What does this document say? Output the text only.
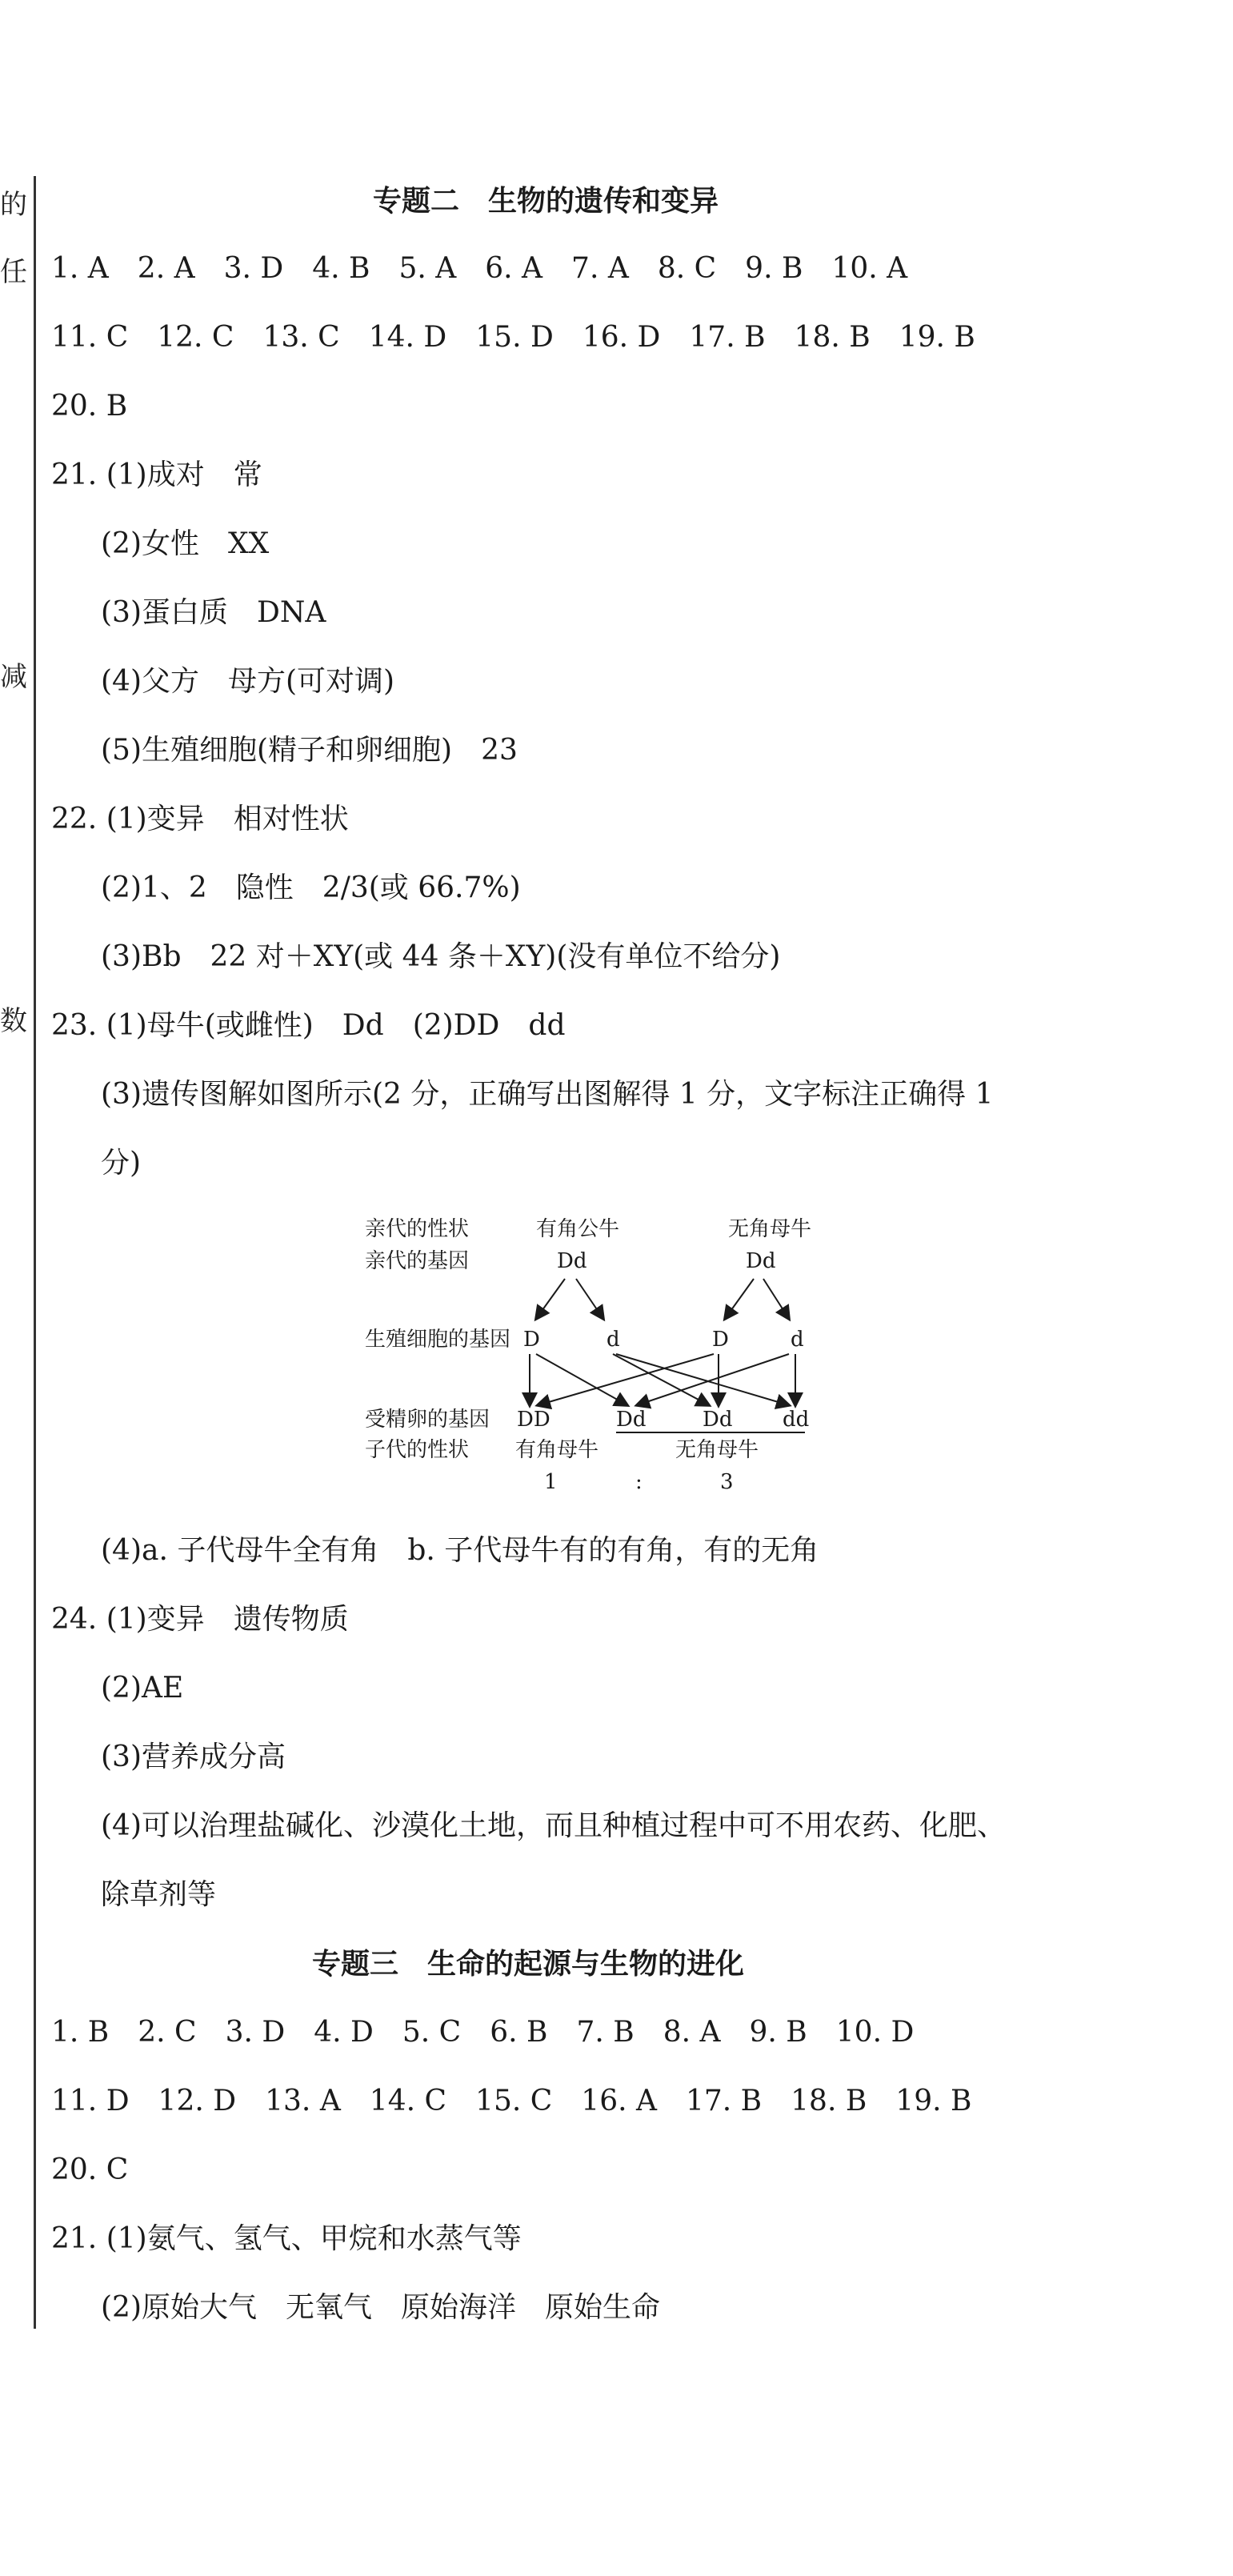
的
任
减
数
专题二　生物的遗传和变异
1. A　2. A　3. D　4. B　5. A　6. A　7. A　8. C　9. B　10. A
11. C　12. C　13. C　14. D　15. D　16. D　17. B　18. B　19. B
20. B
21. (1)成对　常
(2)女性　XX
(3)蛋白质　DNA
(4)父方　母方(可对调)
(5)生殖细胞(精子和卵细胞)　23
22. (1)变异　相对性状
(2)1、2　隐性　2/3(或 66.7%)
(3)Bb　22 对＋XY(或 44 条＋XY)(没有单位不给分)
23. (1)母牛(或雌性)　Dd　(2)DD　dd
(3)遗传图解如图所示(2 分，正确写出图解得 1 分，文字标注正确得 1
分)
亲代的性状
亲代的基因
生殖细胞的基因
受精卵的基因
子代的性状
有角公牛
Dd
无角母牛
Dd
D	d	D	d
DD	Dd	Dd dd
有角母牛	无角母牛
1	:	3
(4)a. 子代母牛全有角　b. 子代母牛有的有角，有的无角
24. (1)变异　遗传物质
(2)AE
(3)营养成分高
(4)可以治理盐碱化、沙漠化土地，而且种植过程中可不用农药、化肥、
除草剂等
专题三　生命的起源与生物的进化
1. B　2. C　3. D　4. D　5. C　6. B　7. B　8. A　9. B　10. D
11. D　12. D　13. A　14. C　15. C　16. A　17. B　18. B　19. B
20. C
21. (1)氨气、氢气、甲烷和水蒸气等
(2)原始大气　无氧气　原始海洋　原始生命
